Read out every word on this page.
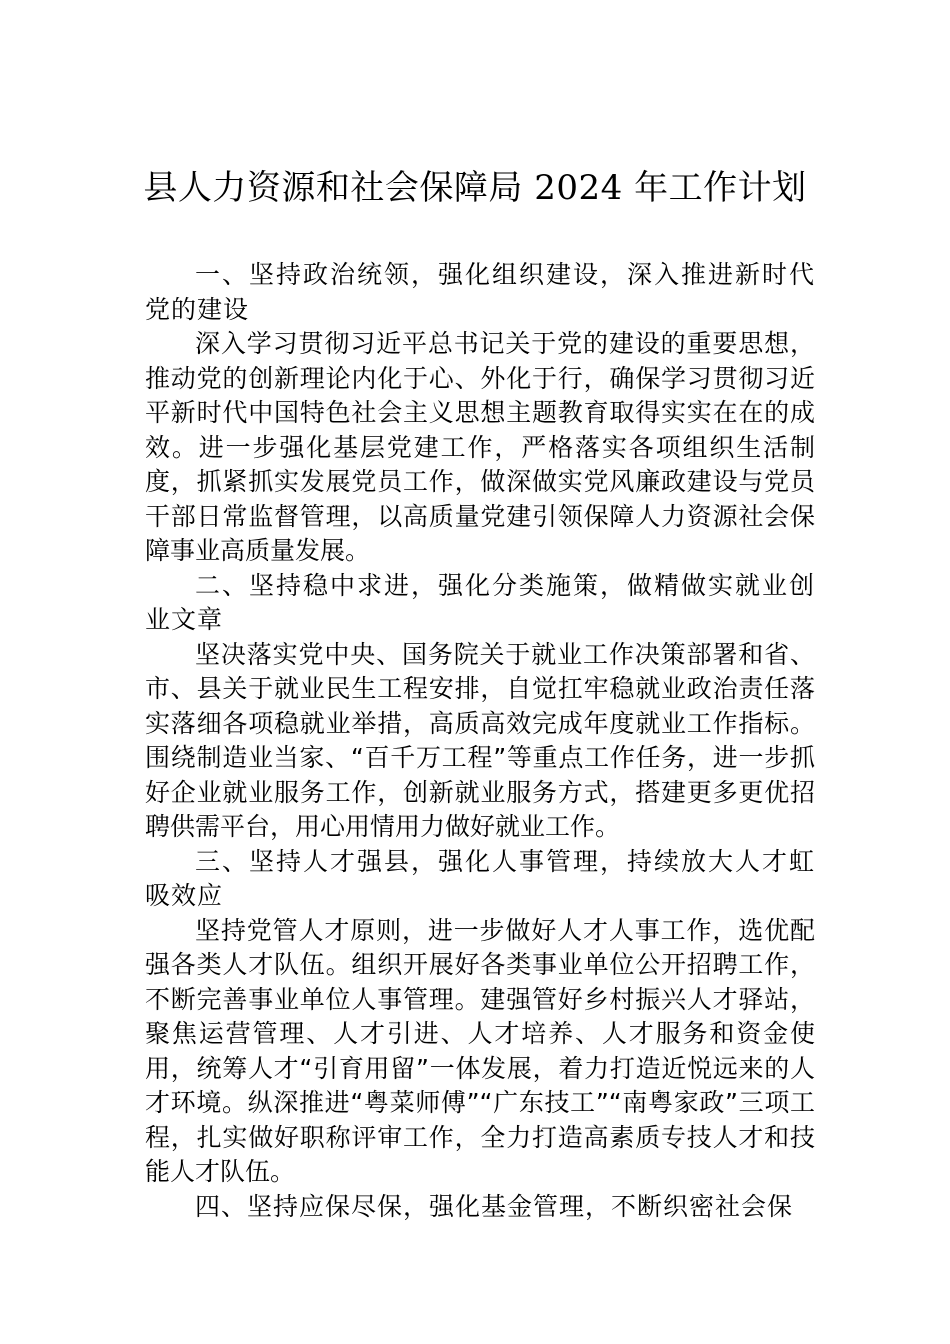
县人力资源和社会保障局 2024 年工作计划

一、坚持政治统领，强化组织建设，深入推进新时代党的建设

深入学习贯彻习近平总书记关于党的建设的重要思想，推动党的创新理论内化于心、外化于行，确保学习贯彻习近平新时代中国特色社会主义思想主题教育取得实实在在的成效。进一步强化基层党建工作，严格落实各项组织生活制度，抓紧抓实发展党员工作，做深做实党风廉政建设与党员干部日常监督管理，以高质量党建引领保障人力资源社会保障事业高质量发展。

二、坚持稳中求进，强化分类施策，做精做实就业创业文章

坚决落实党中央、国务院关于就业工作决策部署和省、市、县关于就业民生工程安排，自觉扛牢稳就业政治责任落实落细各项稳就业举措，高质高效完成年度就业工作指标。围绕制造业当家、“百千万工程”等重点工作任务，进一步抓好企业就业服务工作，创新就业服务方式，搭建更多更优招聘供需平台，用心用情用力做好就业工作。

三、坚持人才强县，强化人事管理，持续放大人才虹吸效应

坚持党管人才原则，进一步做好人才人事工作，选优配强各类人才队伍。组织开展好各类事业单位公开招聘工作，不断完善事业单位人事管理。建强管好乡村振兴人才驿站，聚焦运营管理、人才引进、人才培养、人才服务和资金使用，统筹人才“引育用留”一体发展，着力打造近悦远来的人才环境。纵深推进“粤菜师傅”“广东技工”“南粤家政”三项工程，扎实做好职称评审工作，全力打造高素质专技人才和技能人才队伍。

四、坚持应保尽保，强化基金管理，不断织密社会保
